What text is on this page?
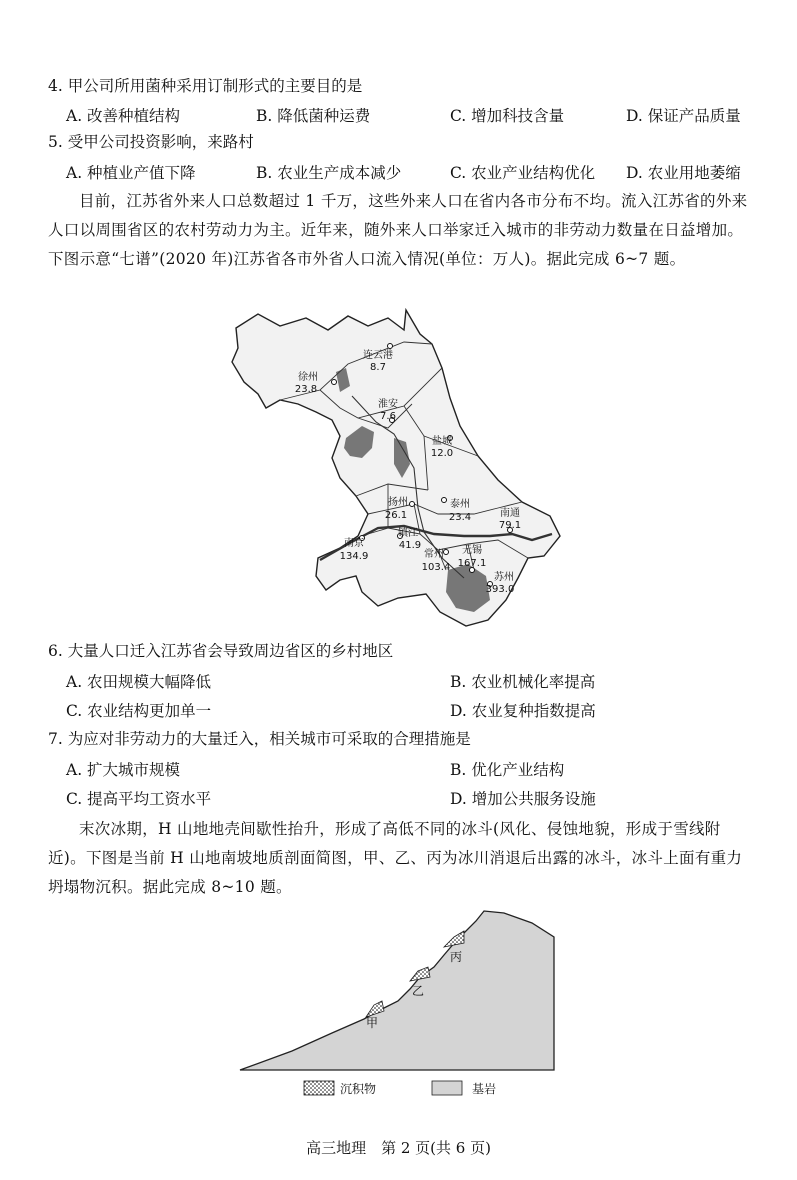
4. 甲公司所用菌种采用订制形式的主要目的是
A. 改善种植结构	B. 降低菌种运费	C. 增加科技含量	D. 保证产品质量
5. 受甲公司投资影响，来路村
A. 种植业产值下降	B. 农业生产成本减少	C. 农业产业结构优化 D. 农业用地萎缩
目前，江苏省外来人口总数超过 1 千万，这些外来人口在省内各市分布不均。流入江苏省的外来人口以周围省区的农村劳动力为主。近年来，随外来人口举家迁入城市的非劳动力数量在日益增加。下图示意“七谱”(2020 年)江苏省各市外省人口流入情况(单位：万人)。据此完成 6~7 题。
连云港
8.7
徐州
23.8
淮安
7.6
盐城
12.0
扬州
26.1
泰州
23.4	南通
79.1
镇江
41.9
南京
134.9	常州
103.4
无锡
167.1
苏州
393.0
6. 大量人口迁入江苏省会导致周边省区的乡村地区
A. 农田规模大幅降低	B. 农业机械化率提高
C. 农业结构更加单一	D. 农业复种指数提高
7. 为应对非劳动力的大量迁入，相关城市可采取的合理措施是
A. 扩大城市规模	B. 优化产业结构
C. 提高平均工资水平	D. 增加公共服务设施
末次冰期，H 山地地壳间歇性抬升，形成了高低不同的冰斗(风化、侵蚀地貌，形成于雪线附近)。下图是当前 H 山地南坡地质剖面简图，甲、乙、丙为冰川消退后出露的冰斗，冰斗上面有重力坍塌物沉积。据此完成 8~10 题。
甲
乙
丙
沉积物	基岩
高三地理　第 2 页(共 6 页)
